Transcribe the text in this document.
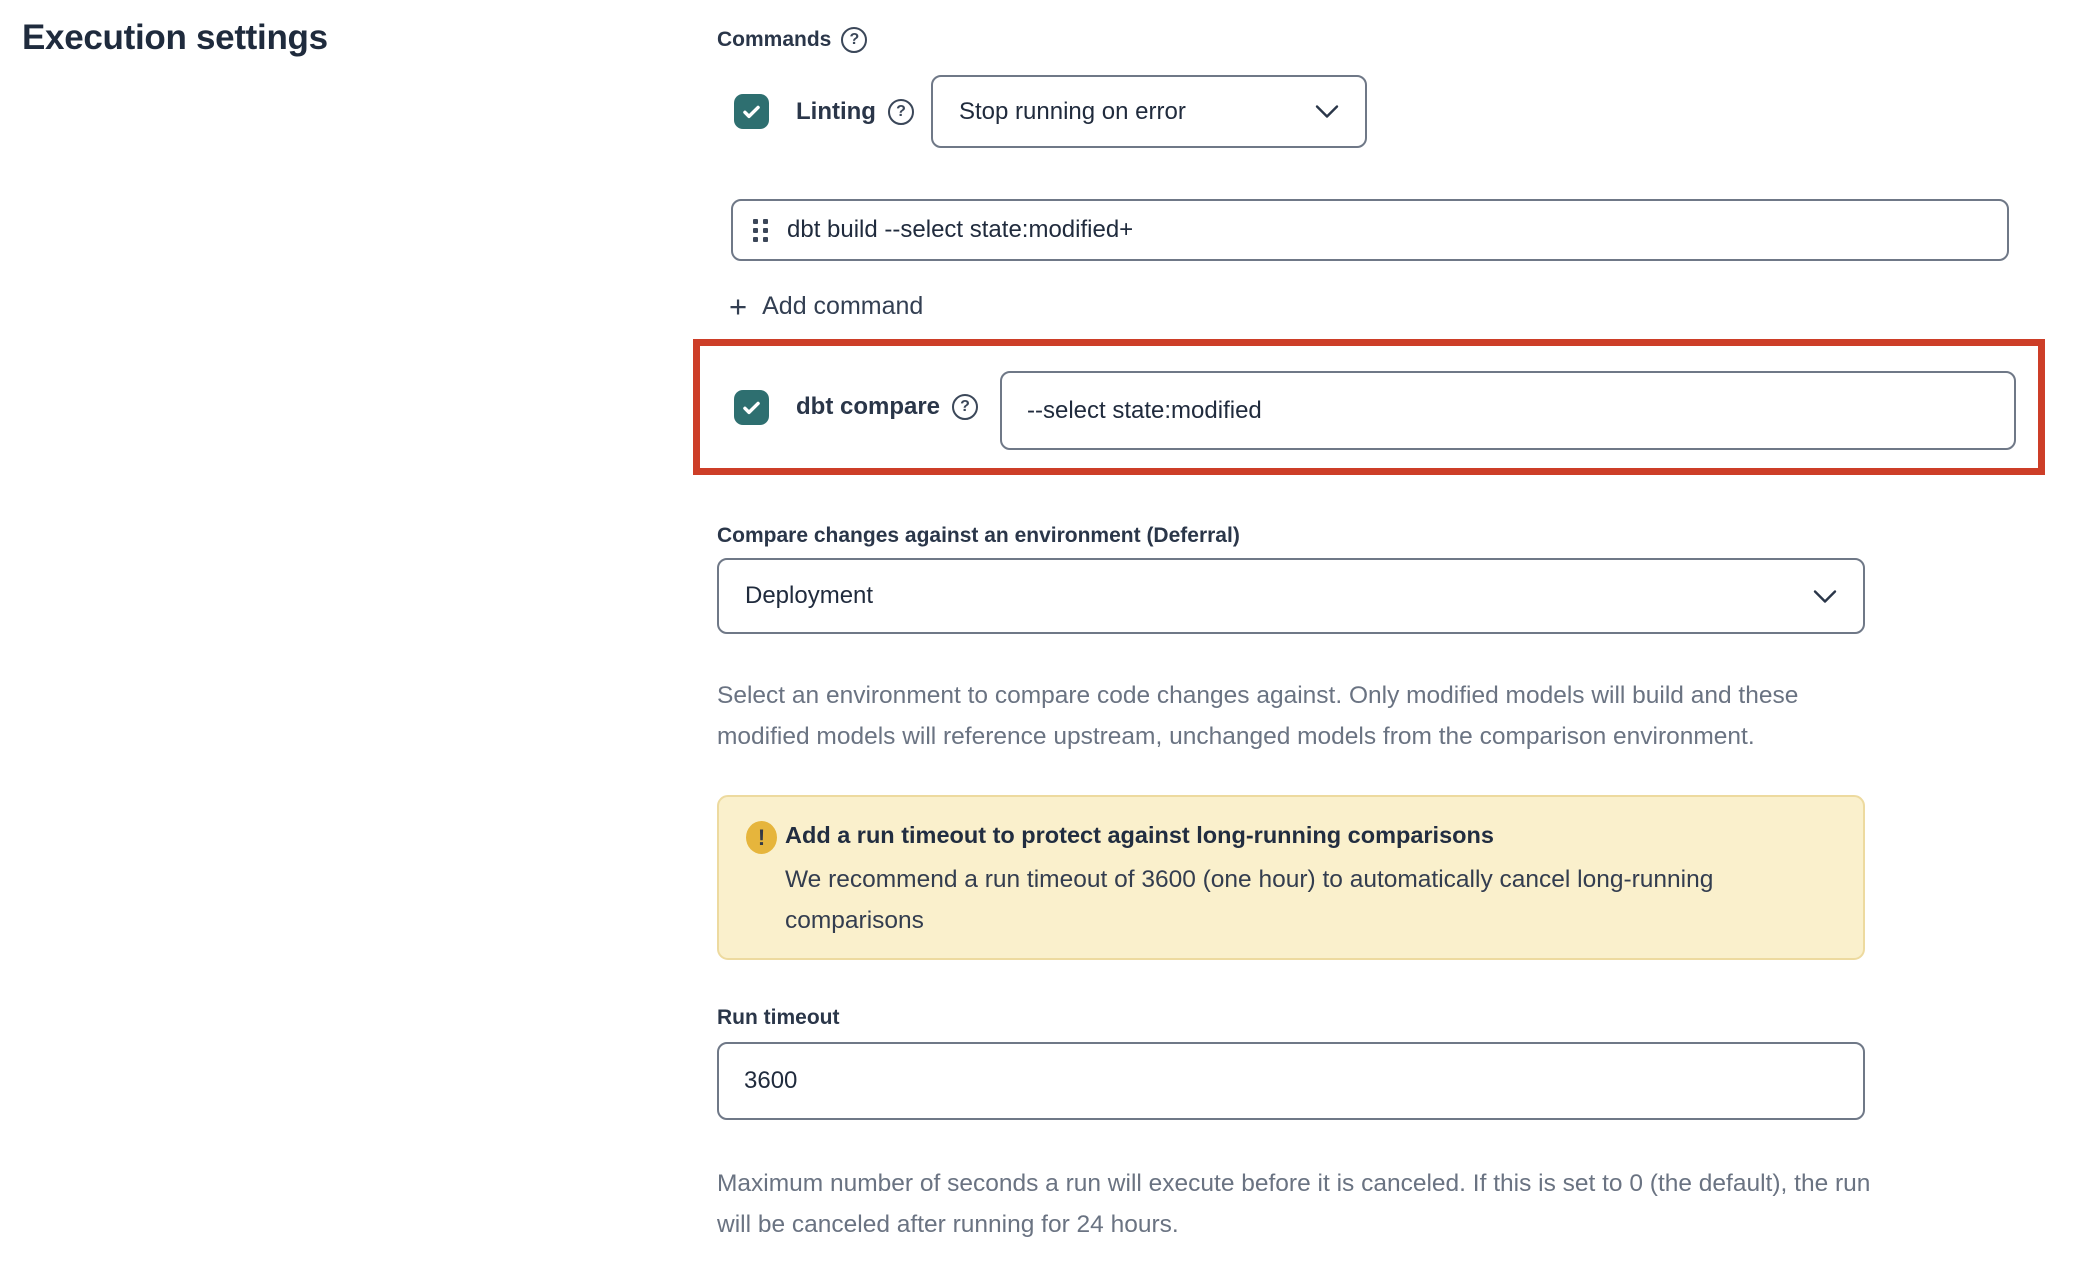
Execution settings	Commands	?
Linting	?	Stop running on error
dbt build --select state:modified+
+ Add command
dbt compare	?
--select state:modified
Compare changes against an environment (Deferral)
Deployment

Select an environment to compare code changes against. Only modified models will build and these modified models will reference upstream, unchanged models from the comparison environment.

! Add a run timeout to protect against long-running comparisons
We recommend a run timeout of 3600 (one hour) to automatically cancel long-running comparisons
Run timeout
3600

Maximum number of seconds a run will execute before it is canceled. If this is set to 0 (the default), the run will be canceled after running for 24 hours.
